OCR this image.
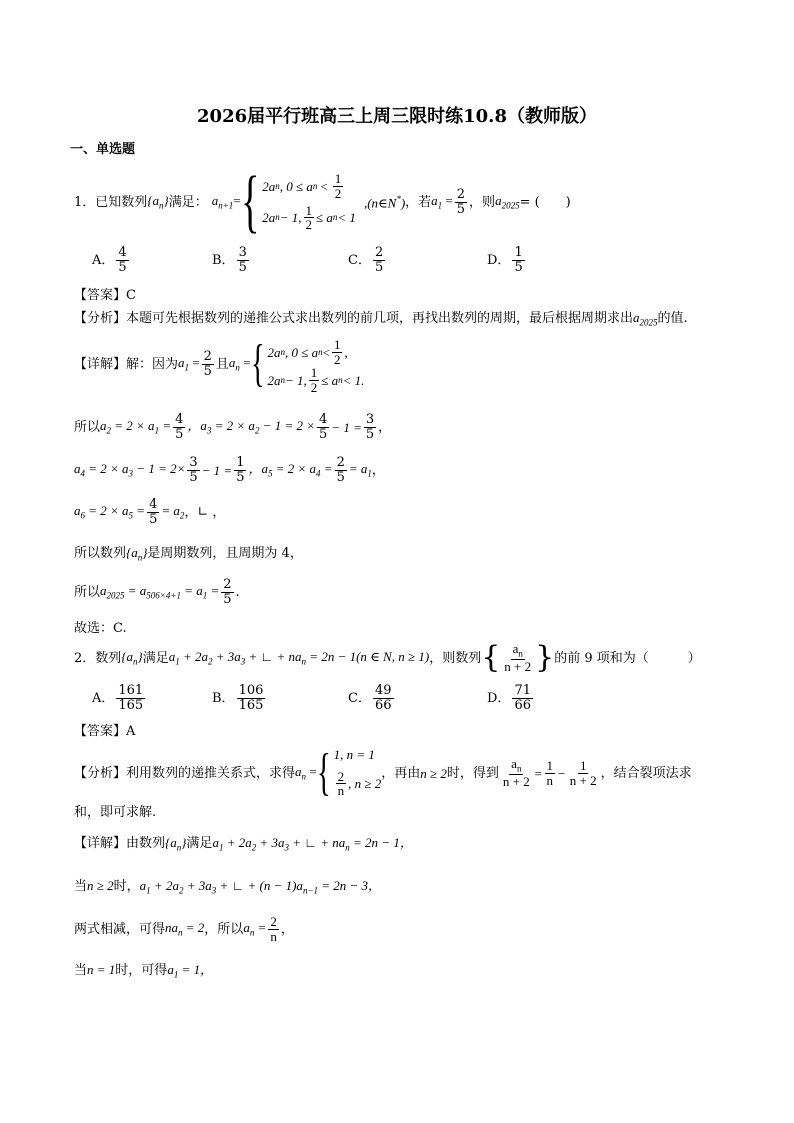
2026届平行班高三上周三限时练10.8（教师版）
一、单选题
1．已知数列 $\{a_n\}$ 满足： $a_{n+1}=$ { 2a n , 0 ≤ a $n < \frac{1}{2}$
2a n − 1, $\frac{1}{2} \le a$ n < 1
,(n∈N*) ，若 $a_1 = \frac{2}{5}$ ，则 $a_{2025}$ = (　　)
A． $\frac{4}{5}$	B． $\frac{3}{5}$	C． $\frac{2}{5}$	D． $\frac{1}{5}$
【答案】C
【分析】本题可先根据数列的递推公式求出数列的前几项，再找出数列的周期，最后根据周期求出$a_{2025}$的值.
【详解】解：因为 $a_1 = \frac{2}{5}$ 且 $a_n$ = { 2a n , 0 ≤ a $n < \frac{1}{2}$ ,
2a n − 1, $\frac{1}{2} \le a$ n < 1.
所以 $a_2 = 2 \times a_1 = \frac{4}{5}$ ，$a_3 = 2 \times a_2 - 1 = 2 \times \frac{4}{5} - 1 = \frac{3}{5}$ ，
$a_4 = 2 \times a_3 - 1 = 2\times \frac{3}{5} - 1 = \frac{1}{5}$ ，$a_5 = 2 \times a_4 = \frac{2}{5} = a_1$ ，
$a_6 = 2 \times a_5 = \frac{4}{5} = a_2$ ，∟ ，
所以数列$\{a_n\}$是周期数列，且周期为 4，
所以 $a_{2025} = a_{506\times 4+1} = a_1 = \frac{2}{5}$ .
故选：C.
2．数列 $\{a_n\}$ 满足 $a_1 + 2a_2 + 3a_3$ + ∟ + $na_n = 2n - 1(n$ ∈ N, n ≥ 1) ，则数列 { $\frac{a_n}{n + 2}$ } 的前 9 项和为（　　　）
A． $\frac{161}{165}$	B． $\frac{106}{165}$	C． $\frac{49}{66}$	D． $\frac{71}{66}$
【答案】A
【分析】利用数列的递推关系式，求得 $a_n$ = { 1, n = 1
$\frac{2}{n}$ , n ≥ 2
，再由 n ≥ 2 时，得到 $\frac{a_n}{n + 2} = \frac{1}{n} - \frac{1}{n + 2}$ ，结合裂项法求
和，即可求解.
【详解】由数列$\{a_n\}$满足$a_1 + 2a_2 + 3a_3$ + ∟ + $na_n = 2n - 1$，
当n ≥ 2时，$a_1 + 2a_2 + 3a_3$ + ∟ + $(n - 1)a_{n-1} = 2n - 3$，
两式相减，可得 $na_n = 2$ ，所以 $a_n = \frac{2}{n}$ ，
当n = 1时，可得$a_1 = 1$，
